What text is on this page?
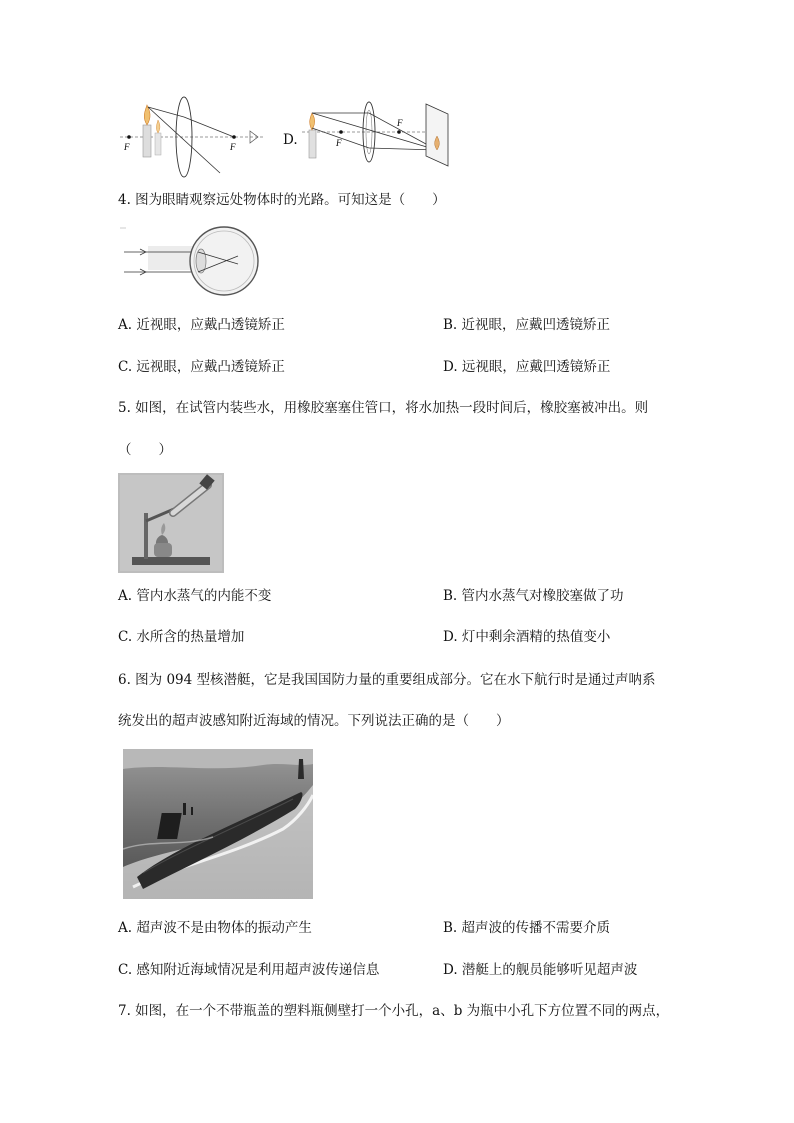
F	F	D.	F
F
4. 图为眼睛观察远处物体时的光路。可知这是（　　）
A. 近视眼，应戴凸透镜矫正	B. 近视眼，应戴凹透镜矫正
C. 远视眼，应戴凸透镜矫正	D. 远视眼，应戴凹透镜矫正
5. 如图，在试管内装些水，用橡胶塞塞住管口，将水加热一段时间后，橡胶塞被冲出。则
（　　）
A. 管内水蒸气的内能不变	B. 管内水蒸气对橡胶塞做了功
C. 水所含的热量增加	D. 灯中剩余酒精的热值变小
6. 图为 094 型核潜艇，它是我国国防力量的重要组成部分。它在水下航行时是通过声呐系
统发出的超声波感知附近海域的情况。下列说法正确的是（　　）
A. 超声波不是由物体的振动产生	B. 超声波的传播不需要介质
C. 感知附近海域情况是利用超声波传递信息	D. 潜艇上的舰员能够听见超声波
7. 如图，在一个不带瓶盖的塑料瓶侧壁打一个小孔，a、b 为瓶中小孔下方位置不同的两点，
